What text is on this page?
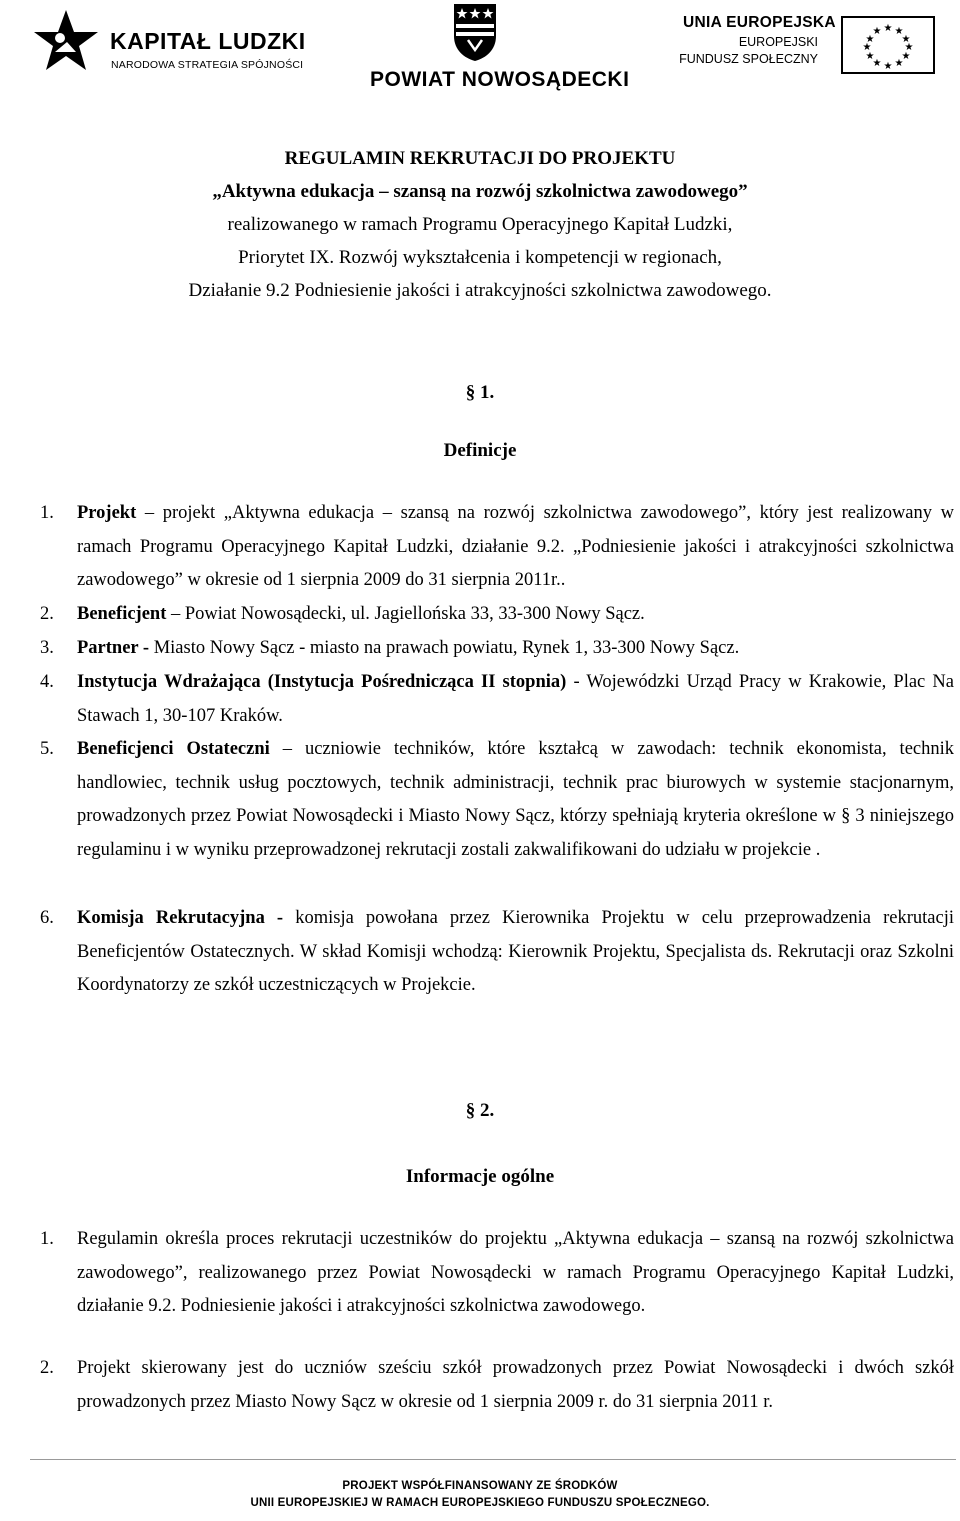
KAPITAŁ LUDZKI
NARODOWA STRATEGIA SPÓJNOŚCI
POWIAT NOWOSĄDECKI
UNIA EUROPEJSKA
EUROPEJSKI
FUNDUSZ SPOŁECZNY
★ ★
★
★
★
★
★
★
★
★
★
★
REGULAMIN REKRUTACJI DO PROJEKTU
„Aktywna edukacja – szansą na rozwój szkolnictwa zawodowego”
realizowanego w ramach Programu Operacyjnego Kapitał Ludzki,
Priorytet IX. Rozwój wykształcenia i kompetencji w regionach,
Działanie 9.2 Podniesienie jakości i atrakcyjności szkolnictwa zawodowego.
§ 1.
Definicje
1. Projekt – projekt „Aktywna edukacja – szansą na rozwój szkolnictwa zawodowego”, który jest realizowany w ramach Programu Operacyjnego Kapitał Ludzki, działanie 9.2. „Podniesienie jakości i atrakcyjności szkolnictwa zawodowego” w okresie od 1 sierpnia 2009 do 31 sierpnia 2011r..
2. Beneficjent – Powiat Nowosądecki, ul. Jagiellońska 33, 33-300 Nowy Sącz.
3. Partner - Miasto Nowy Sącz - miasto na prawach powiatu, Rynek 1, 33-300 Nowy Sącz.
4. Instytucja Wdrażająca (Instytucja Pośrednicząca II stopnia) - Wojewódzki Urząd Pracy w Krakowie, Plac Na Stawach 1, 30-107 Kraków.
5. Beneficjenci Ostateczni – uczniowie techników, które kształcą w zawodach: technik ekonomista, technik handlowiec, technik usług pocztowych, technik administracji, technik prac biurowych w systemie stacjonarnym, prowadzonych przez Powiat Nowosądecki i Miasto Nowy Sącz, którzy spełniają kryteria określone w § 3 niniejszego regulaminu i w wyniku przeprowadzonej rekrutacji zostali zakwalifikowani do udziału w projekcie .
6. Komisja Rekrutacyjna - komisja powołana przez Kierownika Projektu w celu przeprowadzenia rekrutacji Beneficjentów Ostatecznych. W skład Komisji wchodzą: Kierownik Projektu, Specjalista ds. Rekrutacji oraz Szkolni Koordynatorzy ze szkół uczestniczących w Projekcie.
§ 2.
Informacje ogólne
1. Regulamin określa proces rekrutacji uczestników do projektu „Aktywna edukacja – szansą na rozwój szkolnictwa zawodowego”, realizowanego przez Powiat Nowosądecki w ramach Programu Operacyjnego Kapitał Ludzki, działanie 9.2. Podniesienie jakości i atrakcyjności szkolnictwa zawodowego.
2. Projekt skierowany jest do uczniów sześciu szkół prowadzonych przez Powiat Nowosądecki i dwóch szkół prowadzonych przez Miasto Nowy Sącz w okresie od 1 sierpnia 2009 r. do 31 sierpnia 2011 r.
PROJEKT WSPÓŁFINANSOWANY ZE ŚRODKÓW
UNII EUROPEJSKIEJ W RAMACH EUROPEJSKIEGO FUNDUSZU SPOŁECZNEGO.
